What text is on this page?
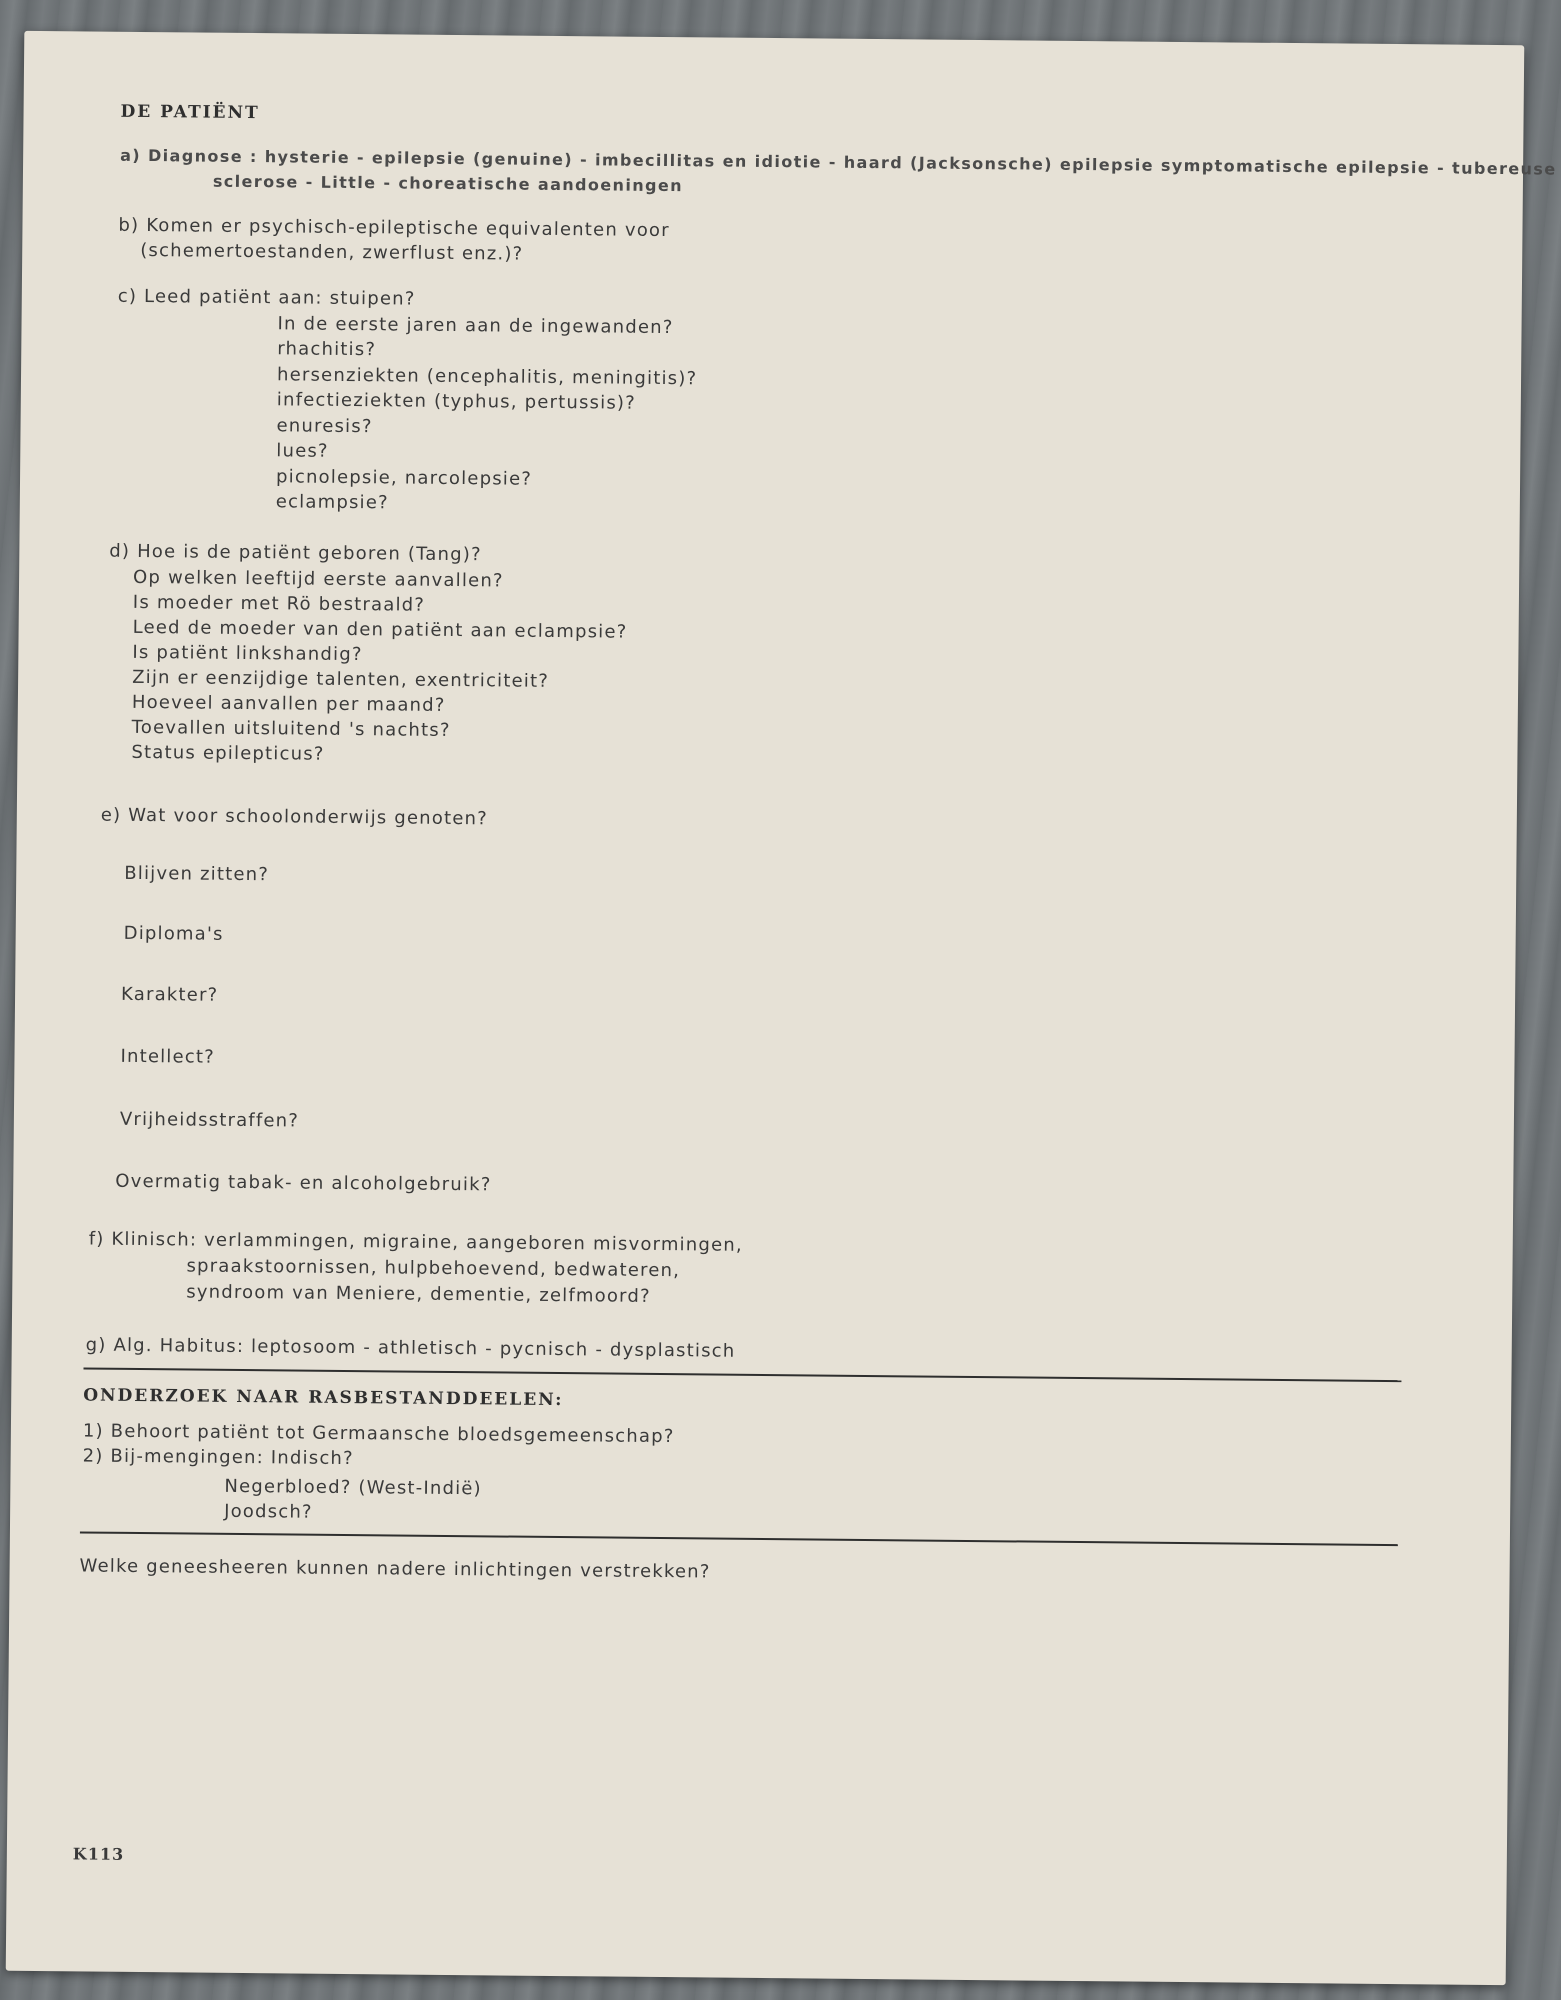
DE PATIËNT
a) Diagnose : hysterie - epilepsie (genuine) - imbecillitas en idiotie - haard (Jacksonsche) epilepsie symptomatische epilepsie - tubereuse
sclerose - Little - choreatische aandoeningen
b) Komen er psychisch-epileptische equivalenten voor
(schemertoestanden, zwerflust enz.)?
c) Leed patiënt aan: stuipen?
In de eerste jaren aan de ingewanden?
rhachitis?
hersenziekten (encephalitis, meningitis)?
infectieziekten (typhus, pertussis)?
enuresis?
lues?
picnolepsie, narcolepsie?
eclampsie?
d) Hoe is de patiënt geboren (Tang)?
Op welken leeftijd eerste aanvallen?
Is moeder met Rö bestraald?
Leed de moeder van den patiënt aan eclampsie?
Is patiënt linkshandig?
Zijn er eenzijdige talenten, exentriciteit?
Hoeveel aanvallen per maand?
Toevallen uitsluitend 's nachts?
Status epilepticus?
e) Wat voor schoolonderwijs genoten?
Blijven zitten?
Diploma's
Karakter?
Intellect?
Vrijheidsstraffen?
Overmatig tabak- en alcoholgebruik?
f) Klinisch: verlammingen, migraine, aangeboren misvormingen,
spraakstoornissen, hulpbehoevend, bedwateren,
syndroom van Meniere, dementie, zelfmoord?
g) Alg. Habitus: leptosoom - athletisch - pycnisch - dysplastisch
ONDERZOEK NAAR RASBESTANDDEELEN:
1) Behoort patiënt tot Germaansche bloedsgemeenschap?
2) Bij-mengingen: Indisch?
Negerbloed? (West-Indië)
Joodsch?
Welke geneesheeren kunnen nadere inlichtingen verstrekken?
K113
